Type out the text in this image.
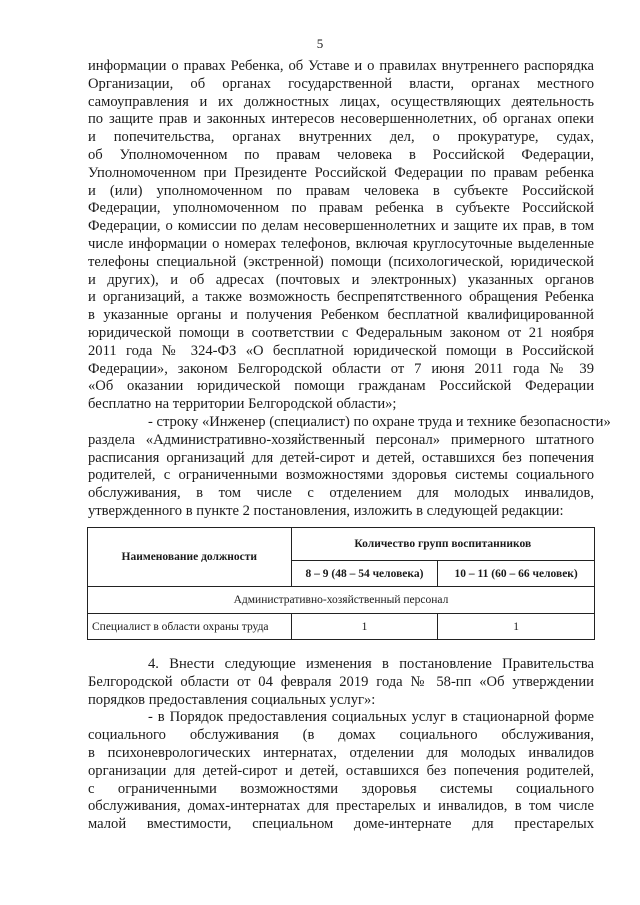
5
информации о правах Ребенка, об Уставе и о правилах внутреннего распорядка
Организации, об органах государственной власти, органах местного
самоуправления и их должностных лицах, осуществляющих деятельность
по защите прав и законных интересов несовершеннолетних, об органах опеки
и попечительства, органах внутренних дел, о прокуратуре, судах,
об Уполномоченном по правам человека в Российской Федерации,
Уполномоченном при Президенте Российской Федерации по правам ребенка
и (или) уполномоченном по правам человека в субъекте Российской
Федерации, уполномоченном по правам ребенка в субъекте Российской
Федерации, о комиссии по делам несовершеннолетних и защите их прав, в том
числе информации о номерах телефонов, включая круглосуточные выделенные
телефоны специальной (экстренной) помощи (психологической, юридической
и других), и об адресах (почтовых и электронных) указанных органов
и организаций, а также возможность беспрепятственного обращения Ребенка
в указанные органы и получения Ребенком бесплатной квалифицированной
юридической помощи в соответствии с Федеральным законом от 21 ноября
2011 года № 324-ФЗ «О бесплатной юридической помощи в Российской
Федерации», законом Белгородской области от 7 июня 2011 года № 39
«Об оказании юридической помощи гражданам Российской Федерации
бесплатно на территории Белгородской области»;
- строку «Инженер (специалист) по охране труда и технике безопасности»
раздела «Административно-хозяйственный персонал» примерного штатного
расписания организаций для детей-сирот и детей, оставшихся без попечения
родителей, с ограниченными возможностями здоровья системы социального
обслуживания, в том числе с отделением для молодых инвалидов,
утвержденного в пункте 2 постановления, изложить в следующей редакции:
Наименование должности	Количество групп воспитанников	
	8 – 9 (48 – 54 человека)	10 – 11 (60 – 66 человек)
Административно-хозяйственный персонал		
Специалист в области охраны труда	1	1
4. Внести следующие изменения в постановление Правительства
Белгородской области от 04 февраля 2019 года № 58-пп «Об утверждении
порядков предоставления социальных услуг»:
- в Порядок предоставления социальных услуг в стационарной форме
социального обслуживания (в домах социального обслуживания,
в психоневрологических интернатах, отделении для молодых инвалидов
организации для детей-сирот и детей, оставшихся без попечения родителей,
с ограниченными возможностями здоровья системы социального
обслуживания, домах-интернатах для престарелых и инвалидов, в том числе
малой вместимости, специальном доме-интернате для престарелых
